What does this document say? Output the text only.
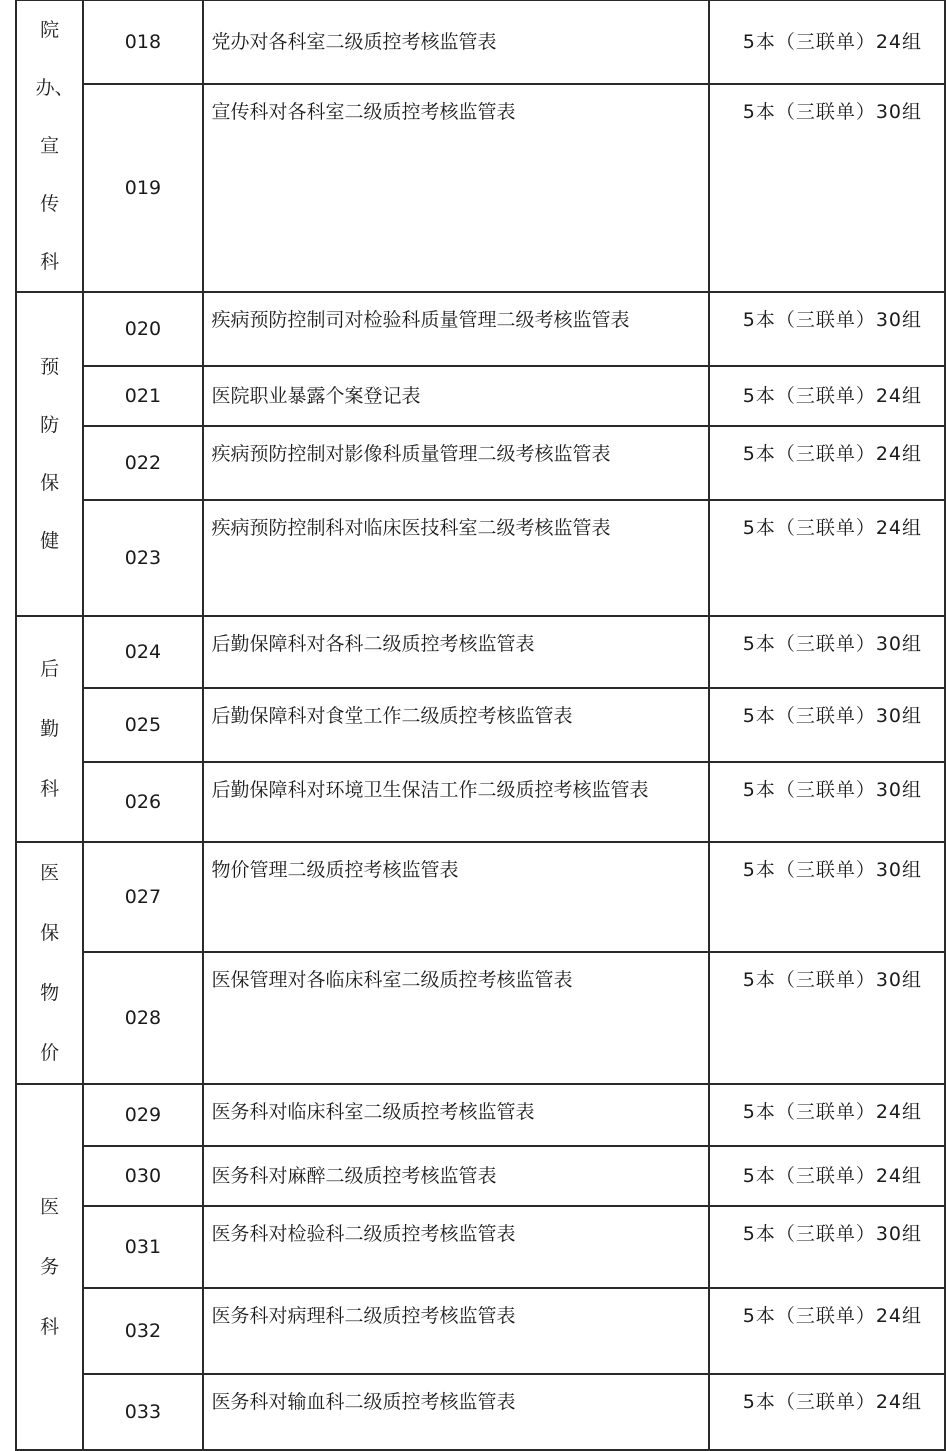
院办、宣传科	018	党办对各科室二级质控考核监管表	5本（三联单）24组
	019	宣传科对各科室二级质控考核监管表	5本（三联单）30组
预防保健	020	疾病预防控制司对检验科质量管理二级考核监管表	5本（三联单）30组
	021	医院职业暴露个案登记表	5本（三联单）24组
	022	疾病预防控制对影像科质量管理二级考核监管表	5本（三联单）24组
	023	疾病预防控制科对临床医技科室二级考核监管表	5本（三联单）24组
后勤科	024	后勤保障科对各科二级质控考核监管表	5本（三联单）30组
	025	后勤保障科对食堂工作二级质控考核监管表	5本（三联单）30组
	026	后勤保障科对环境卫生保洁工作二级质控考核监管表	5本（三联单）30组
医保物价	027	物价管理二级质控考核监管表	5本（三联单）30组
	028	医保管理对各临床科室二级质控考核监管表	5本（三联单）30组
医务科	029	医务科对临床科室二级质控考核监管表	5本（三联单）24组
	030	医务科对麻醉二级质控考核监管表	5本（三联单）24组
	031	医务科对检验科二级质控考核监管表	5本（三联单）30组
	032	医务科对病理科二级质控考核监管表	5本（三联单）24组
	033	医务科对输血科二级质控考核监管表	5本（三联单）24组
